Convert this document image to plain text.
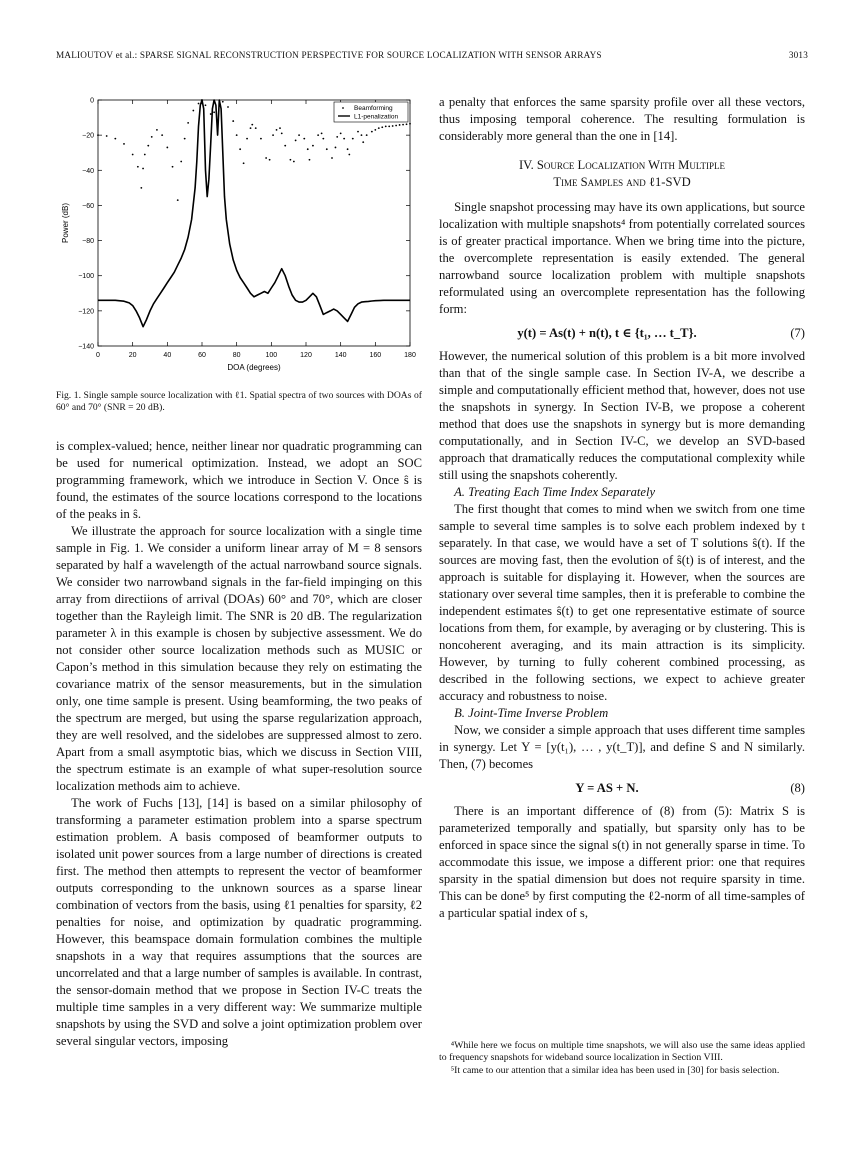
MALIOUTOV et al.: SPARSE SIGNAL RECONSTRUCTION PERSPECTIVE FOR SOURCE LOCALIZATION WITH SENSOR ARRAYS	3013
0	20	40	60	80	100	120	140	160	180
0
−20
−40
−60
−80
−100
−120
−140
DOA (degrees)
Power (dB)
Beamforming
L1-penalization
Fig. 1. Single sample source localization with ℓ1. Spatial spectra of two sources with DOAs of 60° and 70° (SNR = 20 dB).

is complex-valued; hence, neither linear nor quadratic programming can be used for numerical optimization. Instead, we adopt an SOC programming framework, which we introduce in Section V. Once ŝ is found, the estimates of the source locations correspond to the locations of the peaks in ŝ.

We illustrate the approach for source localization with a single time sample in Fig. 1. We consider a uniform linear array of M = 8 sensors separated by half a wavelength of the actual narrowband source signals. We consider two narrowband signals in the far-field impinging on this array from directiions of arrival (DOAs) 60° and 70°, which are closer together than the Rayleigh limit. The SNR is 20 dB. The regularization parameter λ in this example is chosen by subjective assessment. We do not consider other source localization methods such as MUSIC or Capon’s method in this simulation because they rely on estimating the covariance matrix of the sensor measurements, but in the simulation only, one time sample is present. Using beamforming, the two peaks of the spectrum are merged, but using the sparse regularization approach, they are well resolved, and the sidelobes are suppressed almost to zero. Apart from a small asymptotic bias, which we discuss in Section VIII, the spectrum estimate is an example of what super-resolution source localization methods aim to achieve.

The work of Fuchs [13], [14] is based on a similar philosophy of transforming a parameter estimation problem into a sparse spectrum estimation problem. A basis composed of beamformer outputs to isolated unit power sources from a large number of directions is created first. The method then attempts to represent the vector of beamformer outputs corresponding to the unknown sources as a sparse linear combination of vectors from the basis, using ℓ1 penalties for sparsity, ℓ2 penalties for noise, and optimization by quadratic programming. However, this beamspace domain formulation combines the multiple snapshots in a way that requires assumptions that the sources are uncorrelated and that a large number of samples is available. In contrast, the sensor-domain method that we propose in Section IV-C treats the multiple time samples in a very different way: We summarize multiple snapshots by using the SVD and solve a joint optimization problem over several singular vectors, imposing

a penalty that enforces the same sparsity profile over all these vectors, thus imposing temporal coherence. The resulting formulation is considerably more general than the one in [14].

IV. Source Localization With Multiple
Time Samples and ℓ1-SVD

Single snapshot processing may have its own applications, but source localization with multiple snapshots⁴ from potentially correlated sources is of greater practical importance. When we bring time into the picture, the overcomplete representation is easily extended. The general narrowband source localization problem with multiple snapshots reformulated using an overcomplete representation has the following form:

y(t) = As(t) + n(t), t ∈ {t₁, … t_T}.	(7)

However, the numerical solution of this problem is a bit more involved than that of the single sample case. In Section IV-A, we describe a simple and computationally efficient method that, however, does not use the snapshots in synergy. In Section IV-B, we propose a coherent method that does use the snapshots in synergy but is more demanding computationally, and in Section IV-C, we develop an SVD-based approach that dramatically reduces the computational complexity while still using the snapshots coherently.

A. Treating Each Time Index Separately

The first thought that comes to mind when we switch from one time sample to several time samples is to solve each problem indexed by t separately. In that case, we would have a set of T solutions ŝ(t). If the sources are moving fast, then the evolution of ŝ(t) is of interest, and the approach is suitable for displaying it. However, when the sources are stationary over several time samples, then it is preferable to combine the independent estimates ŝ(t) to get one representative estimate of source locations from them, for example, by averaging or by clustering. This is noncoherent averaging, and its main attraction is its simplicity. However, by turning to fully coherent combined processing, as described in the following sections, we expect to achieve greater accuracy and robustness to noise.

B. Joint-Time Inverse Problem

Now, we consider a simple approach that uses different time samples in synergy. Let Y = [y(t₁), … , y(t_T)], and define S and N similarly. Then, (7) becomes

Y = AS + N.	(8)

There is an important difference of (8) from (5): Matrix S is parameterized temporally and spatially, but sparsity only has to be enforced in space since the signal s(t) in not generally sparse in time. To accommodate this issue, we impose a different prior: one that requires sparsity in the spatial dimension but does not require sparsity in time. This can be done⁵ by first computing the ℓ2-norm of all time-samples of a particular spatial index of s,

⁴While here we focus on multiple time snapshots, we will also use the same ideas applied to frequency snapshots for wideband source localization in Section VIII.

⁵It came to our attention that a similar idea has been used in [30] for basis selection.
